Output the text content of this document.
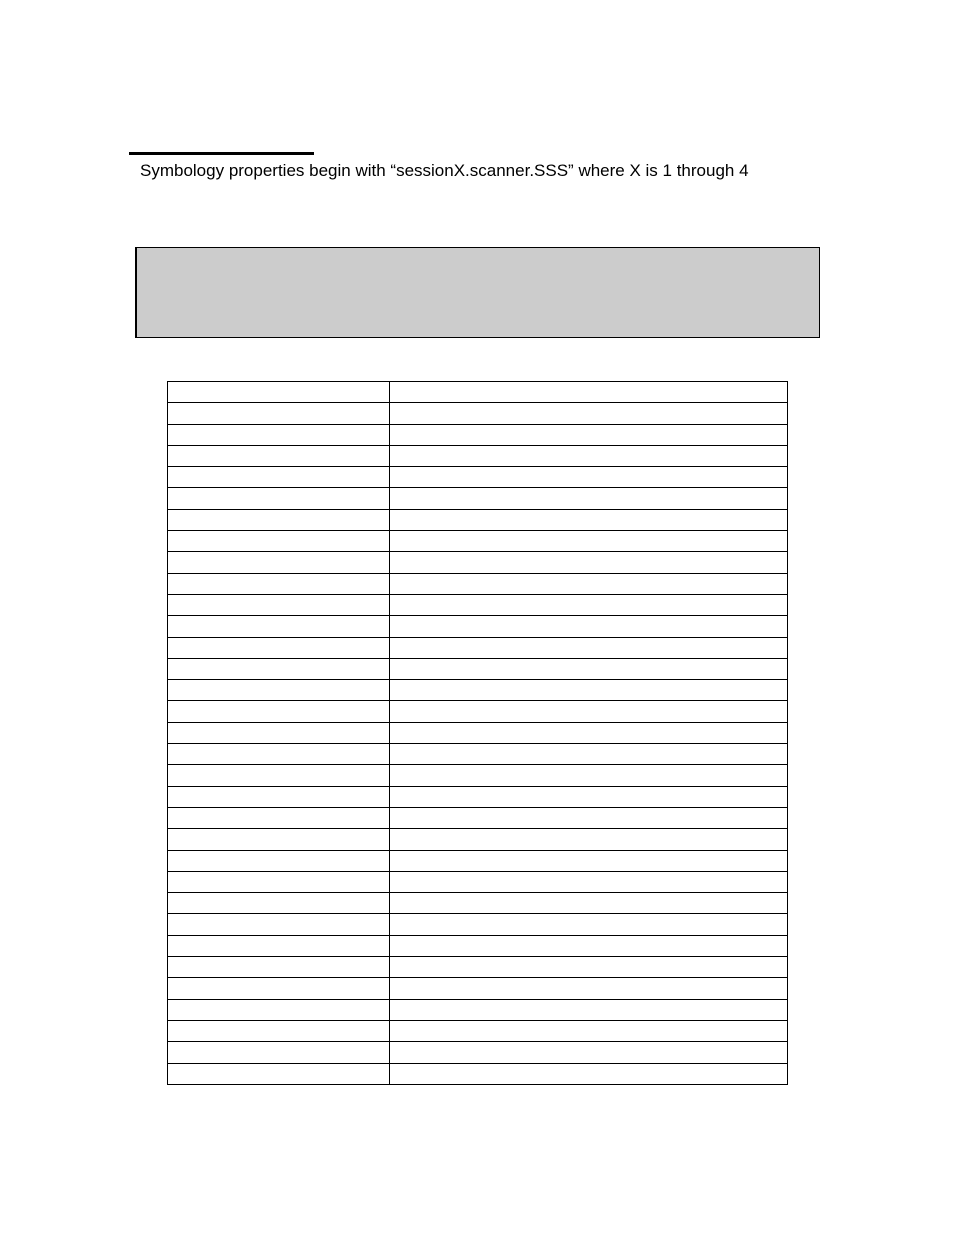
Symbology properties begin with “sessionX.scanner.SSS” where X is 1 through 4
